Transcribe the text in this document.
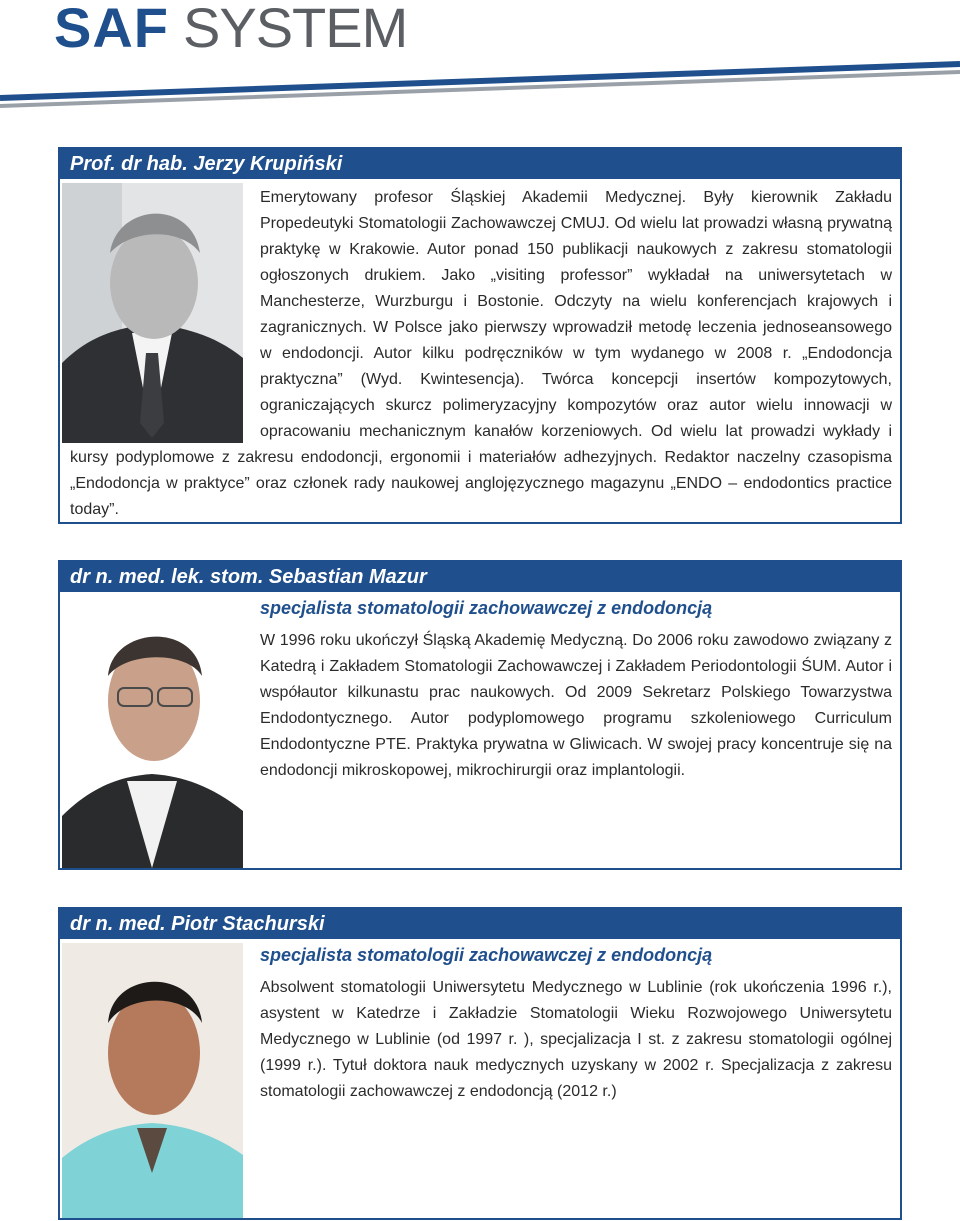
SAF SYSTEM
Prof. dr hab. Jerzy Krupiński
Emerytowany profesor Śląskiej Akademii Medycznej. Były kierownik Zakładu Propedeutyki Stomatologii Zachowawczej CMUJ. Od wielu lat prowadzi własną prywatną praktykę w Krakowie. Autor ponad 150 publikacji naukowych z zakresu stomatologii ogłoszonych drukiem. Jako „visiting professor” wykładał na uniwersytetach w Manchesterze, Wurzburgu i Bostonie. Odczyty na wielu konferencjach krajowych i zagranicznych. W Polsce jako pierwszy wprowadził metodę leczenia jednoseansowego w endodoncji. Autor kilku podręczników w tym wydanego w 2008 r. „Endodoncja praktyczna” (Wyd. Kwintesencja). Twórca koncepcji insertów kompozytowych, ograniczających skurcz polimeryzacyjny kompozytów oraz autor wielu innowacji w opracowaniu mechanicznym kanałów korzeniowych. Od wielu lat prowadzi wykłady i kursy podyplomowe z zakresu endodoncji, ergonomii i materiałów adhezyjnych. Redaktor naczelny czasopisma „Endodoncja w praktyce” oraz członek rady naukowej anglojęzycznego magazynu „ENDO – endodontics practice today”.
dr n. med. lek. stom. Sebastian Mazur
specjalista stomatologii zachowawczej z endodoncją
W 1996 roku ukończył Śląską Akademię Medyczną. Do 2006 roku zawodowo związany z Katedrą i Zakładem Stomatologii Zachowawczej i Zakładem Periodontologii ŚUM. Autor i współautor kilkunastu prac naukowych. Od 2009 Sekretarz Polskiego Towarzystwa Endodontycznego. Autor podyplomowego programu szkoleniowego Curriculum Endodontyczne PTE. Praktyka prywatna w Gliwicach. W swojej pracy koncentruje się na endodoncji mikroskopowej, mikrochirurgii oraz implantologii.
dr n. med. Piotr Stachurski
specjalista stomatologii zachowawczej z endodoncją
Absolwent stomatologii Uniwersytetu Medycznego w Lublinie (rok ukończenia 1996 r.), asystent w Katedrze i Zakładzie Stomatologii Wieku Rozwojowego Uniwersytetu Medycznego w Lublinie (od 1997 r. ), specjalizacja I st. z zakresu stomatologii ogólnej (1999 r.). Tytuł doktora nauk medycznych uzyskany w 2002 r. Specjalizacja z zakresu stomatologii zachowawczej z endodoncją (2012 r.)
